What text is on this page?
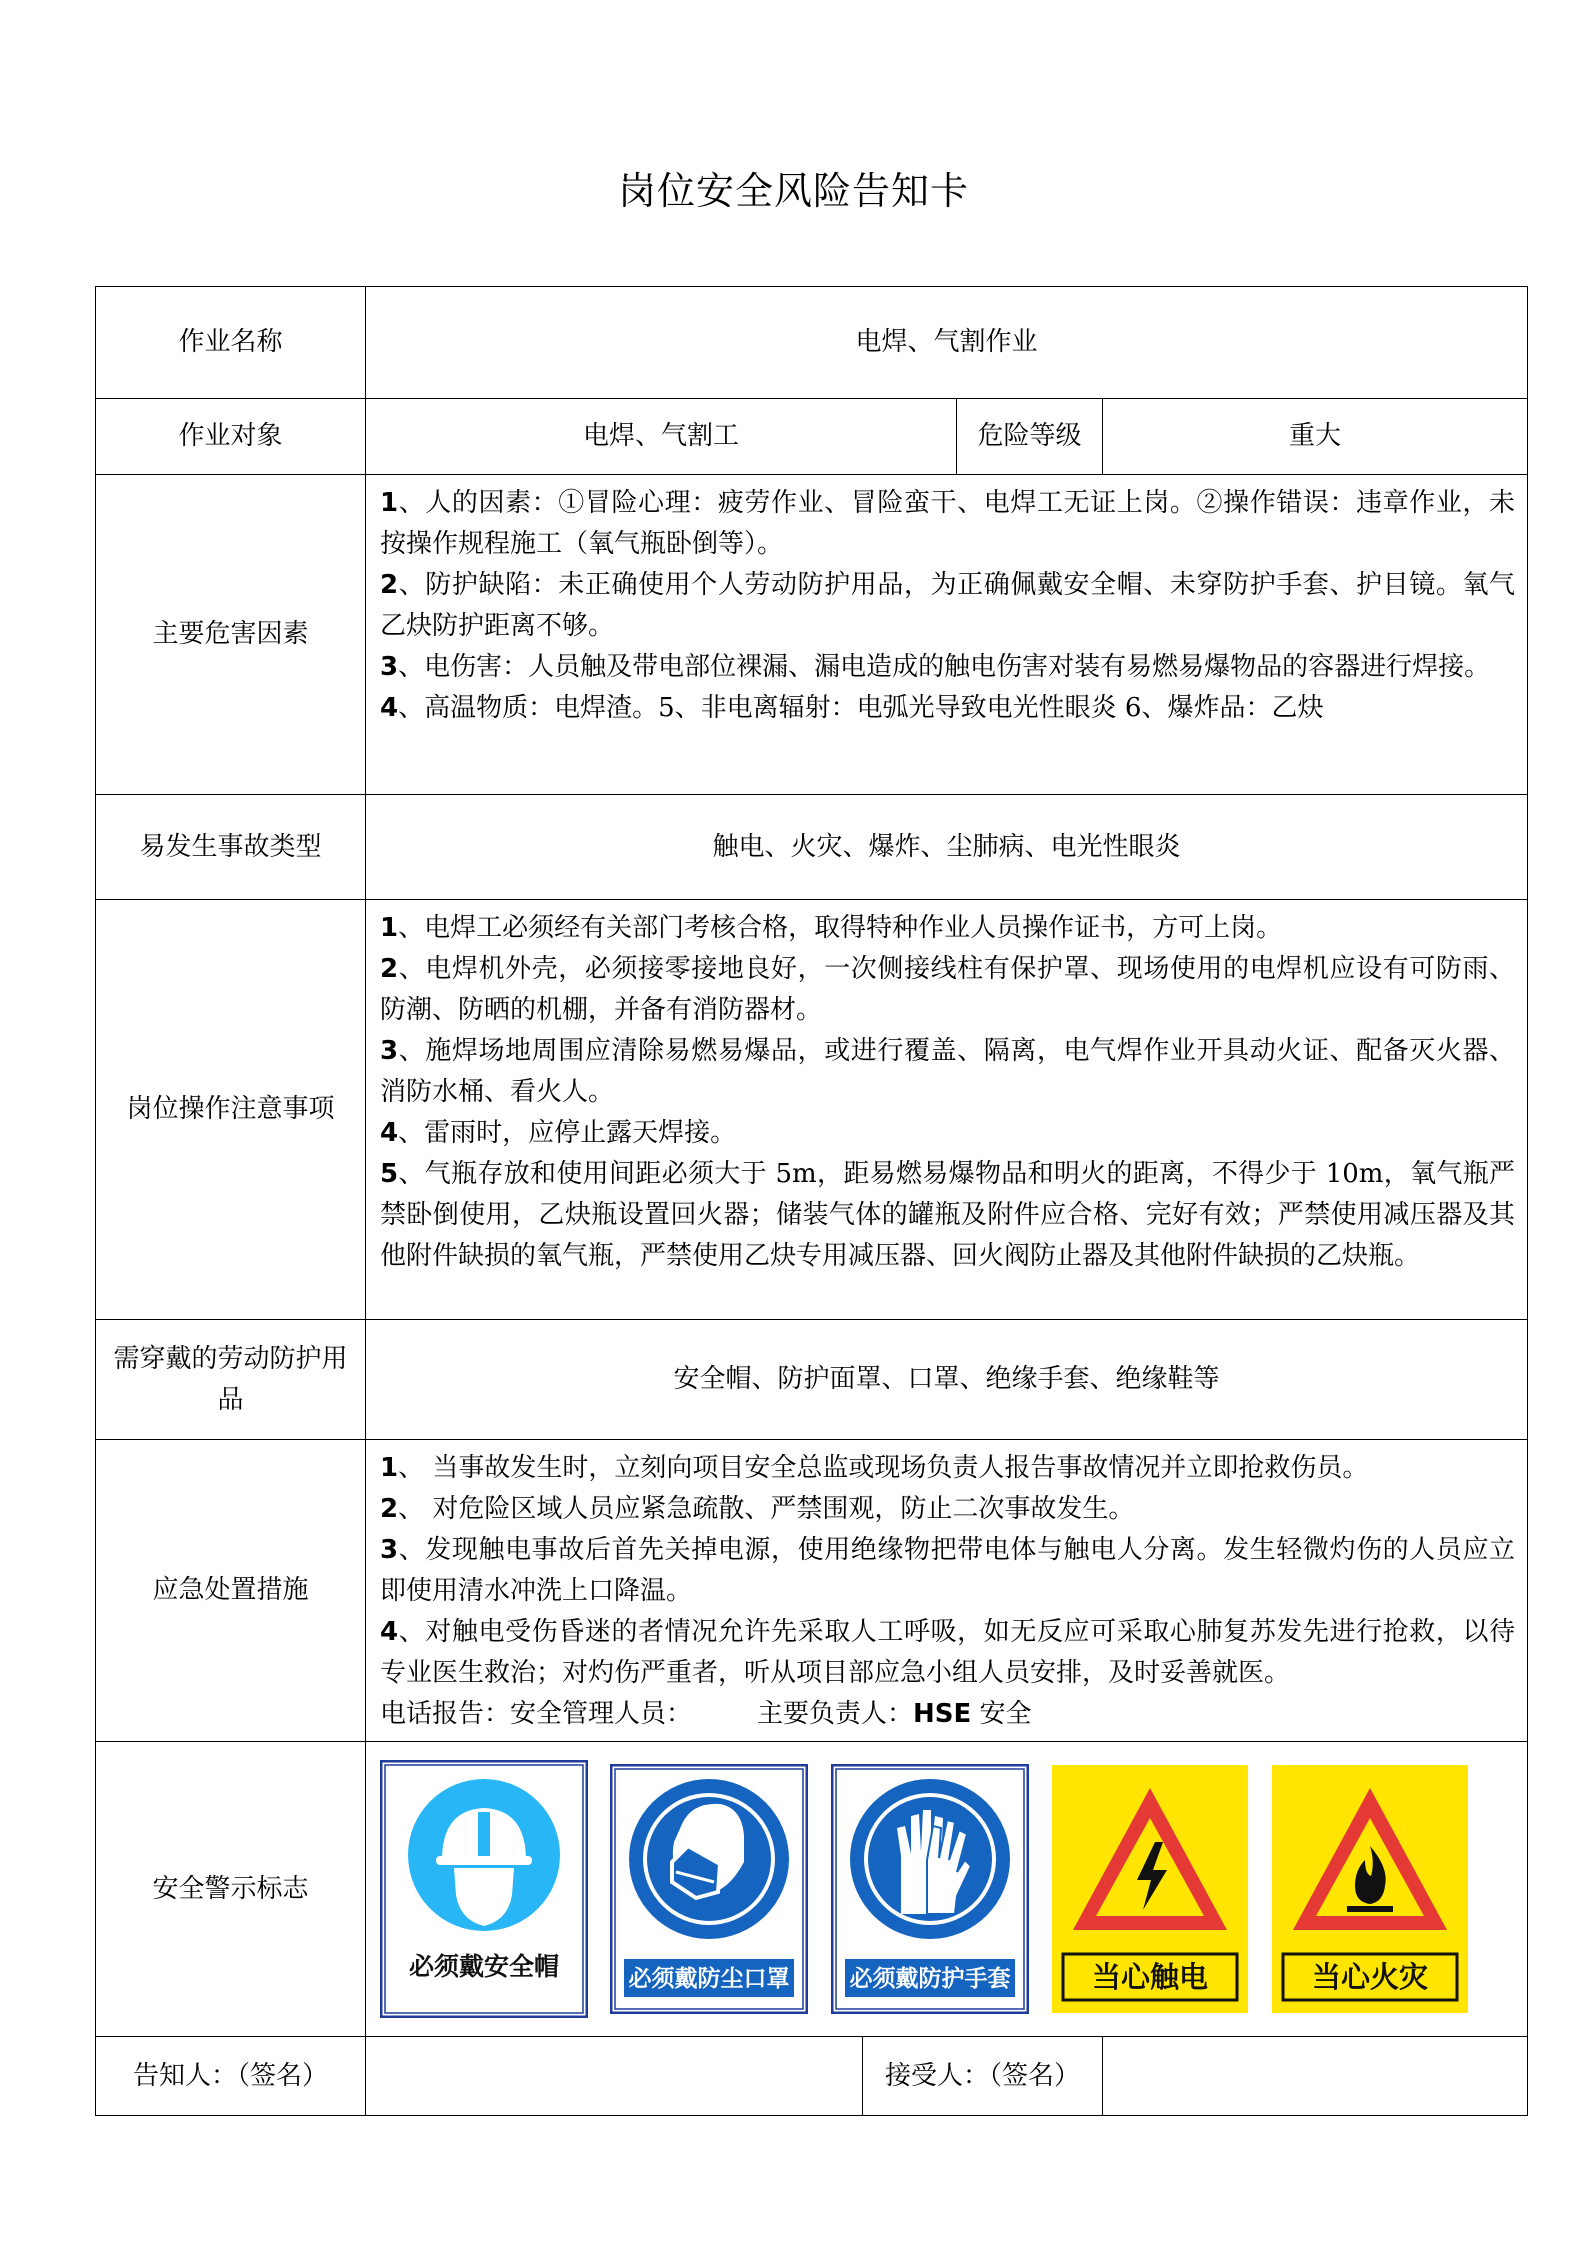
岗位安全风险告知卡
作业名称	电焊、气割作业			
作业对象	电焊、气割工		危险等级	重大
主要危害因素	1、人的因素：①冒险心理：疲劳作业、冒险蛮干、电焊工无证上岗。②操作错误：违章作业，未按操作规程施工（氧气瓶卧倒等）。

2、防护缺陷：未正确使用个人劳动防护用品，为正确佩戴安全帽、未穿防护手套、护目镜。氧气乙炔防护距离不够。

3、电伤害：人员触及带电部位裸漏、漏电造成的触电伤害对装有易燃易爆物品的容器进行焊接。

4、高温物质：电焊渣。5、非电离辐射：电弧光导致电光性眼炎 6、爆炸品：乙炔			

易发生事故类型	触电、火灾、爆炸、尘肺病、电光性眼炎			
岗位操作注意事项	1、电焊工必须经有关部门考核合格，取得特种作业人员操作证书，方可上岗。

2、电焊机外壳，必须接零接地良好，一次侧接线柱有保护罩、现场使用的电焊机应设有可防雨、防潮、防晒的机棚，并备有消防器材。

3、施焊场地周围应清除易燃易爆品，或进行覆盖、隔离，电气焊作业开具动火证、配备灭火器、消防水桶、看火人。

4、雷雨时，应停止露天焊接。

5、气瓶存放和使用间距必须大于 5m，距易燃易爆物品和明火的距离，不得少于 10m，氧气瓶严禁卧倒使用，乙炔瓶设置回火器；储装气体的罐瓶及附件应合格、完好有效；严禁使用减压器及其他附件缺损的氧气瓶，严禁使用乙炔专用减压器、回火阀防止器及其他附件缺损的乙炔瓶。			

需穿戴的劳动防护用品	安全帽、防护面罩、口罩、绝缘手套、绝缘鞋等			
应急处置措施	1、 当事故发生时，立刻向项目安全总监或现场负责人报告事故情况并立即抢救伤员。

2、 对危险区域人员应紧急疏散、严禁围观，防止二次事故发生。

3、发现触电事故后首先关掉电源，使用绝缘物把带电体与触电人分离。发生轻微灼伤的人员应立即使用清水冲洗上口降温。

4、对触电受伤昏迷的者情况允许先采取人工呼吸，如无反应可采取心肺复苏发先进行抢救，以待专业医生救治；对灼伤严重者，听从项目部应急小组人员安排，及时妥善就医。

电话报告：安全管理人员：　　　主要负责人：HSE 安全			

安全警示标志	必须戴安全帽 必须戴防尘口罩 必须戴防护手套 当心触电 当心火灾			

告知人：（签名）		接受人：（签名）		
